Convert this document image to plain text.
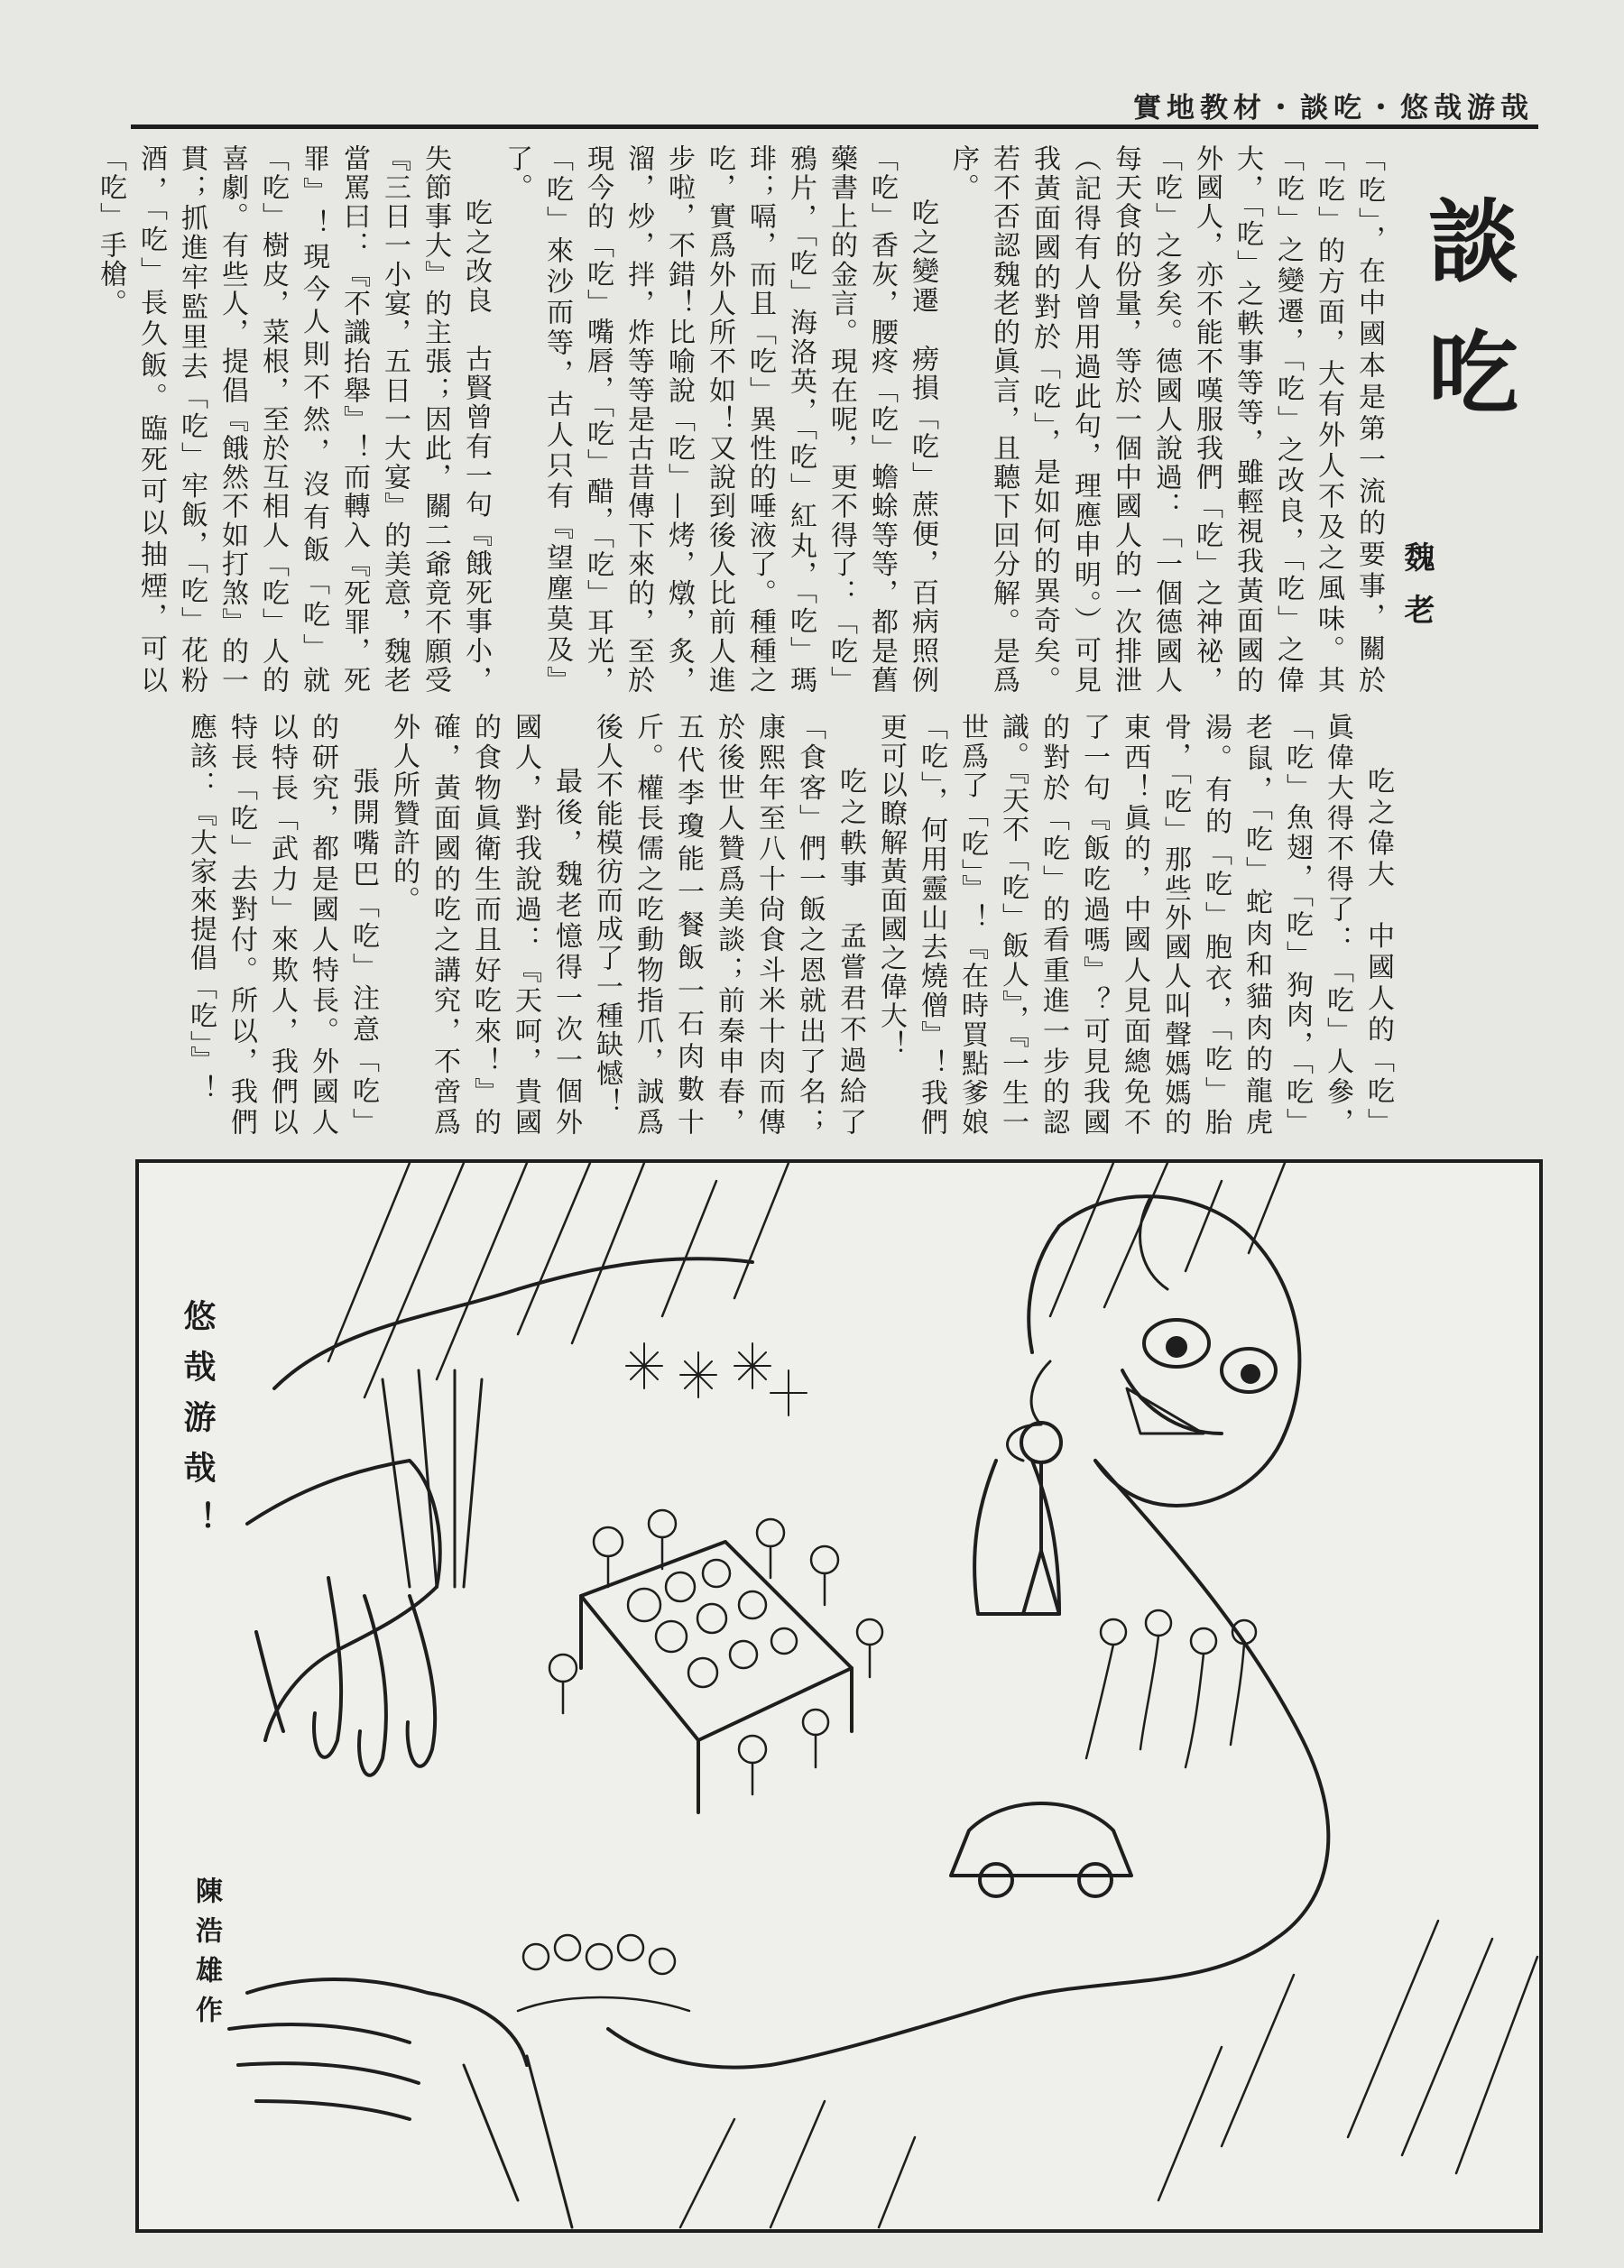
實地教材・談吃・悠哉游哉
談吃
魏老

「吃」，在中國本是第一流的要事，關於「吃」的方面，大有外人不及之風味。其「吃」之變遷，「吃」之改良，「吃」之偉大，「吃」之軼事等等，雖輕視我黃面國的外國人，亦不能不嘆服我們「吃」之神祕，「吃」之多矣。德國人說過：「一個德國人每天食的份量，等於一個中國人的一次排泄（記得有人曾用過此句，理應申明。）可見我黃面國的對於「吃」，是如何的異奇矣。若不否認魏老的眞言，且聽下回分解。是爲序。

吃之變遷　痨損「吃」蔗便，百病照例「吃」香灰，腰疼「吃」蟾蜍等等，都是舊藥書上的金言。現在呢，更不得了：「吃」鴉片，「吃」海洛英，「吃」紅丸，「吃」瑪琲；嗝，而且「吃」異性的唾液了。種種之吃，實爲外人所不如！又說到後人比前人進步啦，不錯！比喻說「吃」—烤，燉，炙，溜，炒，拌，炸等等是古昔傳下來的，至於現今的「吃」嘴唇，「吃」醋，「吃」耳光，「吃」來沙而等，古人只有『望塵莫及』了。

吃之改良　古賢曾有一句『餓死事小，失節事大』的主張；因此，關二爺竟不願受『三日一小宴，五日一大宴』的美意，魏老當罵曰：『不識抬舉』！而轉入『死罪，死罪』！現今人則不然，沒有飯「吃」就「吃」樹皮，菜根，至於互相人「吃」人的喜劇。有些人，提倡『餓然不如打煞』的一貫；抓進牢監里去「吃」牢飯，「吃」花粉酒，「吃」長久飯。臨死可以抽煙，可以「吃」手槍。

吃之偉大　中國人的「吃」眞偉大得不得了：「吃」人參，「吃」魚翅，「吃」狗肉，「吃」老鼠，「吃」蛇肉和貓肉的龍虎湯。有的「吃」胞衣，「吃」胎骨，「吃」那些外國人叫聲媽媽的東西！眞的，中國人見面總免不了一句『飯吃過嗎』？可見我國的對於「吃」的看重進一步的認識。『天不「吃」飯人』，『一生一世爲了「吃」』！『在時買點爹娘「吃」，何用靈山去燒僧』！我們更可以瞭解黃面國之偉大！

吃之軼事　孟嘗君不過給了「食客」們一飯之恩就出了名；康熙年至八十尙食斗米十肉而傳於後世人贊爲美談；前秦申春，五代李瓊能一餐飯一石肉數十斤。權長儒之吃動物指爪，誠爲後人不能模彷而成了一種缺憾！

最後，魏老憶得一次一個外國人，對我說過：『天呵，貴國的食物眞衛生而且好吃來！』的確，黃面國的吃之講究，不啻爲外人所贊許的。

張開嘴巴「吃」注意「吃」的研究，都是國人特長。外國人以特長「武力」來欺人，我們以特長「吃」去對付。所以，我們應該：『大家來提倡「吃」』！

悠哉游哉！
陳浩雄作
